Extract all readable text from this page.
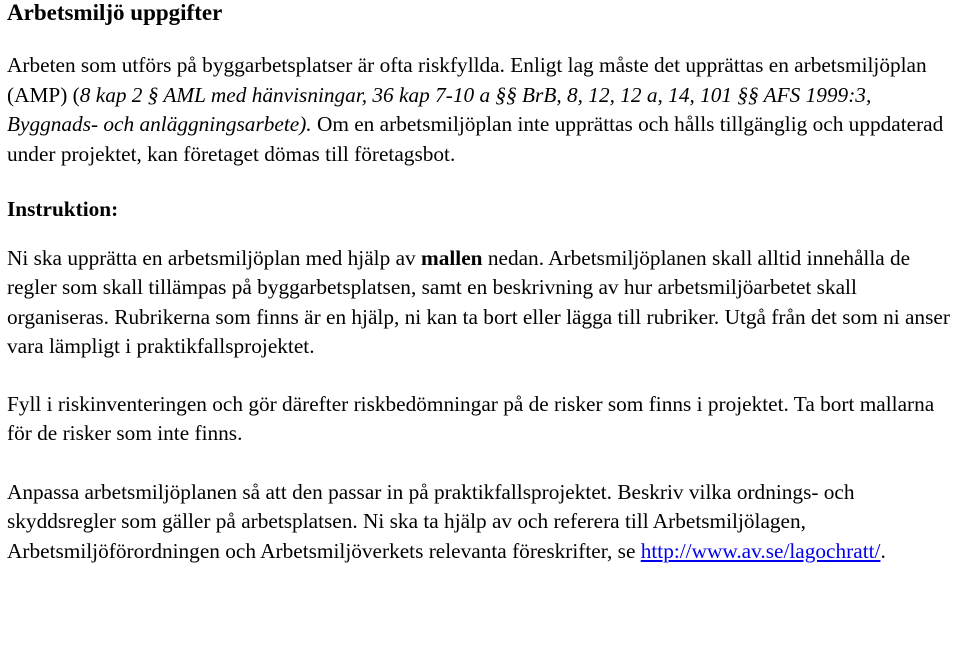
Arbetsmiljö uppgifter

Arbeten som utförs på byggarbetsplatser är ofta riskfyllda. Enligt lag måste det upprättas en arbetsmiljöplan (AMP) (8 kap 2 § AML med hänvisningar, 36 kap 7-10 a §§ BrB, 8, 12, 12 a, 14, 101 §§ AFS 1999:3, Byggnads- och anläggningsarbete). Om en arbetsmiljöplan inte upprättas och hålls tillgänglig och uppdaterad under projektet, kan företaget dömas till företagsbot.

Instruktion:

Ni ska upprätta en arbetsmiljöplan med hjälp av mallen nedan. Arbetsmiljöplanen skall alltid innehålla de regler som skall tillämpas på byggarbetsplatsen, samt en beskrivning av hur arbetsmiljöarbetet skall organiseras. Rubrikerna som finns är en hjälp, ni kan ta bort eller lägga till rubriker. Utgå från det som ni anser vara lämpligt i praktikfallsprojektet.

Fyll i riskinventeringen och gör därefter riskbedömningar på de risker som finns i projektet. Ta bort mallarna för de risker som inte finns.

Anpassa arbetsmiljöplanen så att den passar in på praktikfallsprojektet. Beskriv vilka ordnings- och skyddsregler som gäller på arbetsplatsen. Ni ska ta hjälp av och referera till Arbetsmiljölagen, Arbetsmiljöförordningen och Arbetsmiljöverkets relevanta föreskrifter, se http://www.av.se/lagochratt/.
